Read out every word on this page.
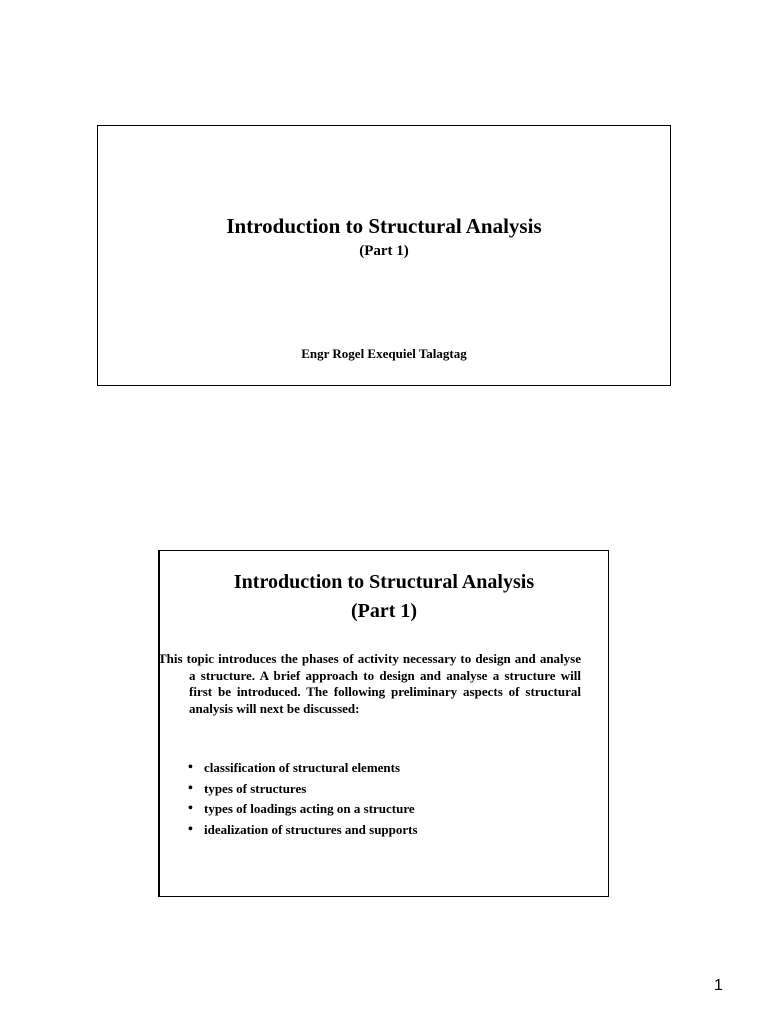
Introduction to Structural Analysis
(Part 1)
Engr Rogel Exequiel Talagtag
Introduction to Structural Analysis
(Part 1)
This topic introduces the phases of activity necessary to design and analyse a structure. A brief approach to design and analyse a structure will first be introduced. The following preliminary aspects of structural analysis will next be discussed:
• classification of structural elements
• types of structures
• types of loadings acting on a structure
• idealization of structures and supports
1
